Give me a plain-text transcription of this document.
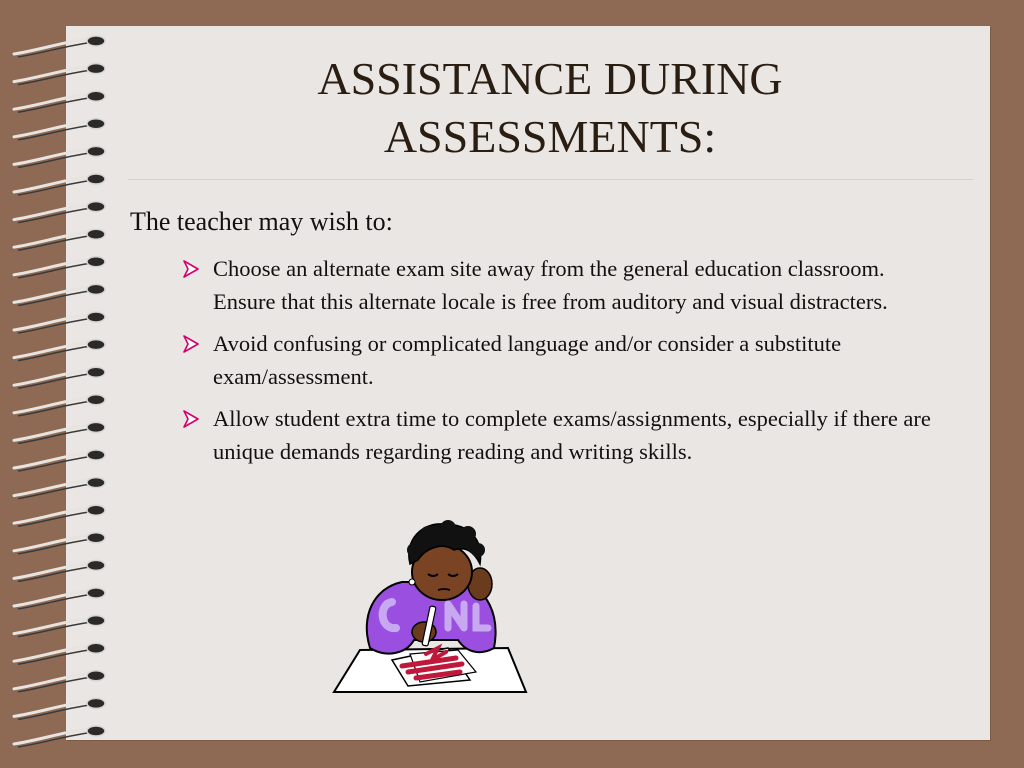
ASSISTANCE DURING
ASSESSMENTS:
The teacher may wish to:
Choose an alternate exam site away from the general education classroom. Ensure that this alternate locale is free from auditory and visual distracters.
Avoid confusing or complicated language and/or consider a substitute exam/assessment.
Allow student extra time to complete exams/assignments, especially if there are unique demands regarding reading and writing skills.
